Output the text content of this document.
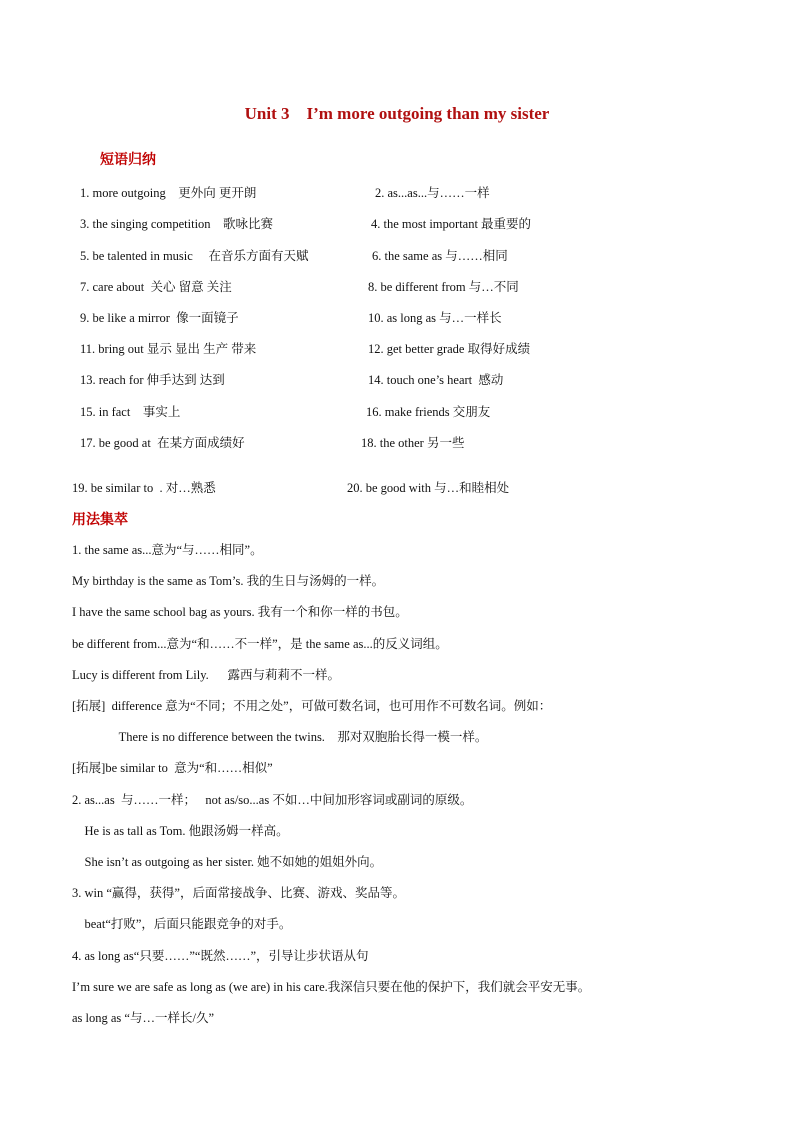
Unit 3    I’m more outgoing than my sister
短语归纳
1. more outgoing    更外向 更开朗	2. as...as...与……一样
3. the singing competition    歌咏比赛	4. the most important 最重要的
5. be talented in music     在音乐方面有天赋	6. the same as 与……相同
7. care about  关心 留意 关注	8. be different from 与…不同
9. be like a mirror  像一面镜子	10. as long as 与…一样长
11. bring out 显示 显出 生产 带来	12. get better grade 取得好成绩
13. reach for 伸手达到 达到	14. touch one’s heart  感动
15. in fact    事实上	16. make friends 交朋友
17. be good at  在某方面成绩好	18. the other 另一些
19. be similar to  . 对…熟悉	20. be good with 与…和睦相处
用法集萃
1. the same as...意为“与……相同”。
My birthday is the same as Tom’s. 我的生日与汤姆的一样。
I have the same school bag as yours. 我有一个和你一样的书包。
be different from...意为“和……不一样”，是 the same as...的反义词组。
Lucy is different from Lily.      露西与莉莉不一样。
[拓展]  difference 意为“不同；不用之处”，可做可数名词，也可用作不可数名词。例如：
There is no difference between the twins.    那对双胞胎长得一模一样。
[拓展]be similar to  意为“和……相似”
2. as...as  与……一样；   not as/so...as 不如…中间加形容词或副词的原级。
He is as tall as Tom. 他跟汤姆一样高。
She isn’t as outgoing as her sister. 她不如她的姐姐外向。
3. win “赢得，获得”，后面常接战争、比赛、游戏、奖品等。
beat“打败”，后面只能跟竞争的对手。
4. as long as“只要……”“既然……”，引导让步状语从句
I’m sure we are safe as long as (we are) in his care.我深信只要在他的保护下，我们就会平安无事。
as long as “与…一样长/久”
